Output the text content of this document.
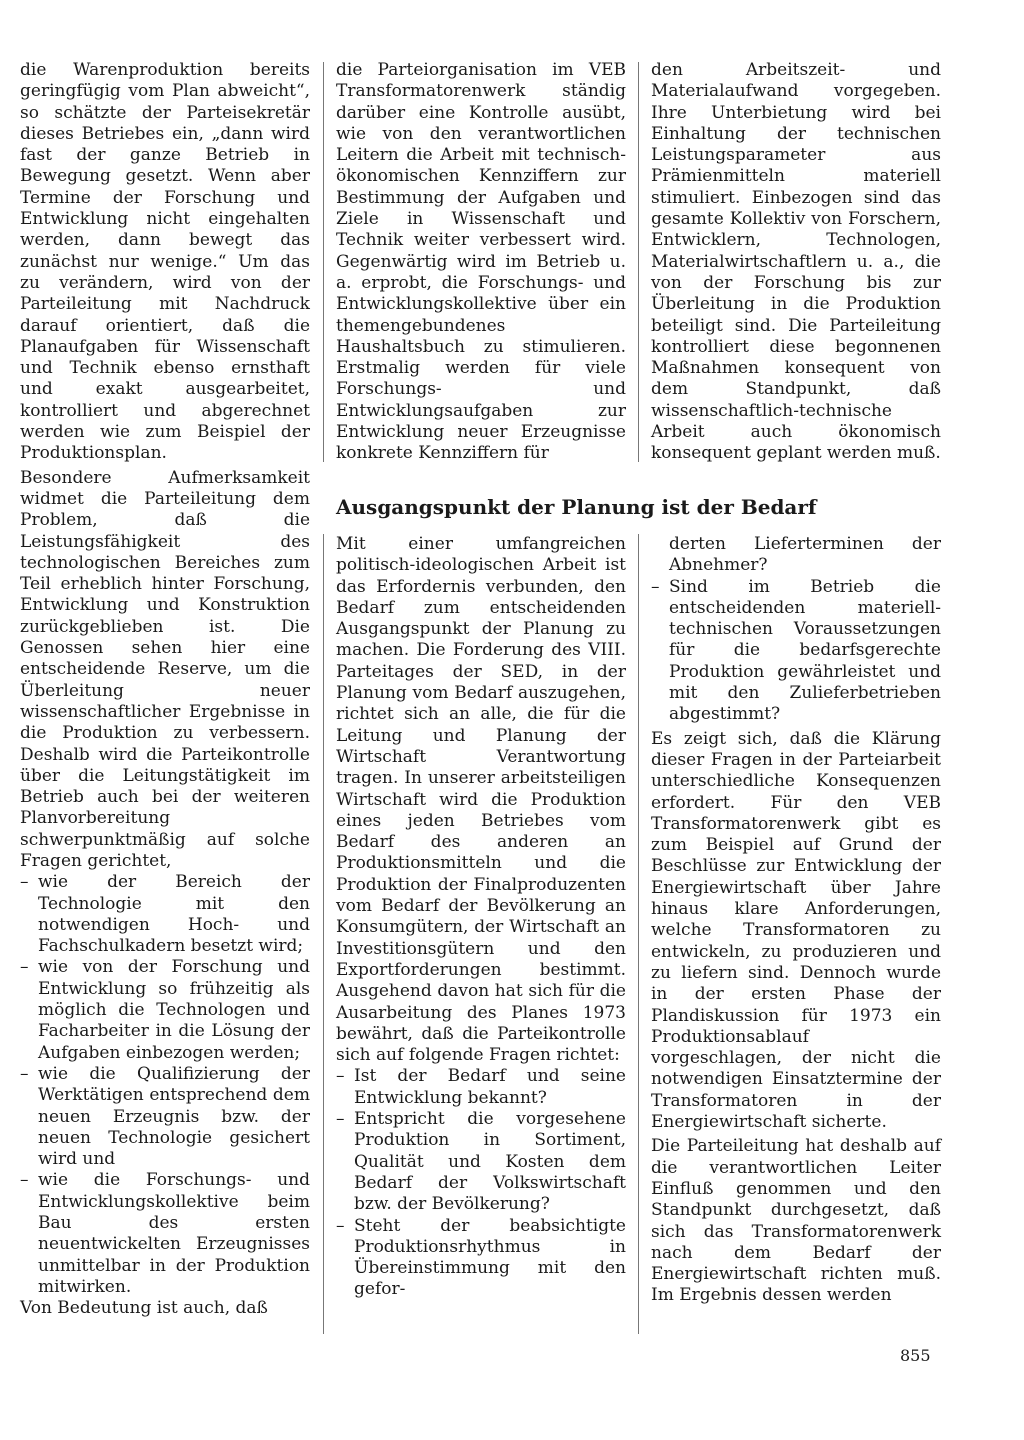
die Warenproduktion bereits geringfügig vom Plan abweicht“, so schätzte der Parteisekretär dieses Betriebes ein, „dann wird fast der ganze Betrieb in Bewegung gesetzt. Wenn aber Termine der Forschung und Entwicklung nicht eingehalten werden, dann bewegt das zunächst nur wenige.“ Um das zu verändern, wird von der Parteileitung mit Nachdruck darauf orientiert, daß die Planaufgaben für Wissenschaft und Technik ebenso ernsthaft und exakt ausgearbeitet, kontrolliert und abgerechnet werden wie zum Beispiel der Produktionsplan.

Besondere Aufmerksamkeit widmet die Parteileitung dem Problem, daß die Leistungsfähigkeit des technologischen Bereiches zum Teil erheblich hinter Forschung, Entwicklung und Konstruktion zurückgeblieben ist. Die Genossen sehen hier eine entscheidende Reserve, um die Überleitung neuer wissenschaftlicher Ergebnisse in die Produktion zu verbessern. Deshalb wird die Parteikontrolle über die Leitungstätigkeit im Betrieb auch bei der weiteren Planvorbereitung schwerpunktmäßig auf solche Fragen gerichtet,

– wie der Bereich der Technologie mit den notwendigen Hoch- und Fachschulkadern besetzt wird;

– wie von der Forschung und Entwicklung so frühzeitig als möglich die Technologen und Facharbeiter in die Lösung der Aufgaben einbezogen werden;

– wie die Qualifizierung der Werktätigen entsprechend dem neuen Erzeugnis bzw. der neuen Technologie gesichert wird und

– wie die Forschungs- und Entwicklungskollektive beim Bau des ersten neuentwickelten Erzeugnisses unmittelbar in der Produktion mitwirken.

Von Bedeutung ist auch, daß

die Parteiorganisation im VEB Transformatorenwerk ständig darüber eine Kontrolle ausübt, wie von den verantwortlichen Leitern die Arbeit mit technisch-ökonomischen Kennziffern zur Bestimmung der Aufgaben und Ziele in Wissenschaft und Technik weiter verbessert wird. Gegenwärtig wird im Betrieb u. a. erprobt, die Forschungs- und Entwicklungskollektive über ein themengebundenes Haushaltsbuch zu stimulieren. Erstmalig werden für viele Forschungs- und Entwicklungsaufgaben zur Entwicklung neuer Erzeugnisse konkrete Kennziffern für

den Arbeitszeit- und Materialaufwand vorgegeben. Ihre Unterbietung wird bei Einhaltung der technischen Leistungsparameter aus Prämienmitteln materiell stimuliert. Einbezogen sind das gesamte Kollektiv von Forschern, Entwicklern, Technologen, Materialwirtschaftlern u. a., die von der Forschung bis zur Überleitung in die Produktion beteiligt sind. Die Parteileitung kontrolliert diese begonnenen Maßnahmen konsequent von dem Standpunkt, daß wissenschaftlich-technische Arbeit auch ökonomisch konsequent geplant werden muß.

Ausgangspunkt der Planung ist der Bedarf

Mit einer umfangreichen politisch-ideologischen Arbeit ist das Erfordernis verbunden, den Bedarf zum entscheidenden Ausgangspunkt der Planung zu machen. Die Forderung des VIII. Parteitages der SED, in der Planung vom Bedarf auszugehen, richtet sich an alle, die für die Leitung und Planung der Wirtschaft Verantwortung tragen. In unserer arbeitsteiligen Wirtschaft wird die Produktion eines jeden Betriebes vom Bedarf des anderen an Produktionsmitteln und die Produktion der Finalproduzenten vom Bedarf der Bevölkerung an Konsumgütern, der Wirtschaft an Investitionsgütern und den Exportforderungen bestimmt. Ausgehend davon hat sich für die Ausarbeitung des Planes 1973 bewährt, daß die Parteikontrolle sich auf folgende Fragen richtet:

– Ist der Bedarf und seine Entwicklung bekannt?

– Entspricht die vorgesehene Produktion in Sortiment, Qualität und Kosten dem Bedarf der Volkswirtschaft bzw. der Bevölkerung?

– Steht der beabsichtigte Produktionsrhythmus in Übereinstimmung mit den gefor-

derten Lieferterminen der Abnehmer?

– Sind im Betrieb die entscheidenden materiell-technischen Voraussetzungen für die bedarfsgerechte Produktion gewährleistet und mit den Zulieferbetrieben abgestimmt?

Es zeigt sich, daß die Klärung dieser Fragen in der Parteiarbeit unterschiedliche Konsequenzen erfordert. Für den VEB Transformatorenwerk gibt es zum Beispiel auf Grund der Beschlüsse zur Entwicklung der Energiewirtschaft über Jahre hinaus klare Anforderungen, welche Transformatoren zu entwickeln, zu produzieren und zu liefern sind. Dennoch wurde in der ersten Phase der Plandiskussion für 1973 ein Produktionsablauf vorgeschlagen, der nicht die notwendigen Einsatztermine der Transformatoren in der Energiewirtschaft sicherte.

Die Parteileitung hat deshalb auf die verantwortlichen Leiter Einfluß genommen und den Standpunkt durchgesetzt, daß sich das Transformatorenwerk nach dem Bedarf der Energiewirtschaft richten muß. Im Ergebnis dessen werden

855
